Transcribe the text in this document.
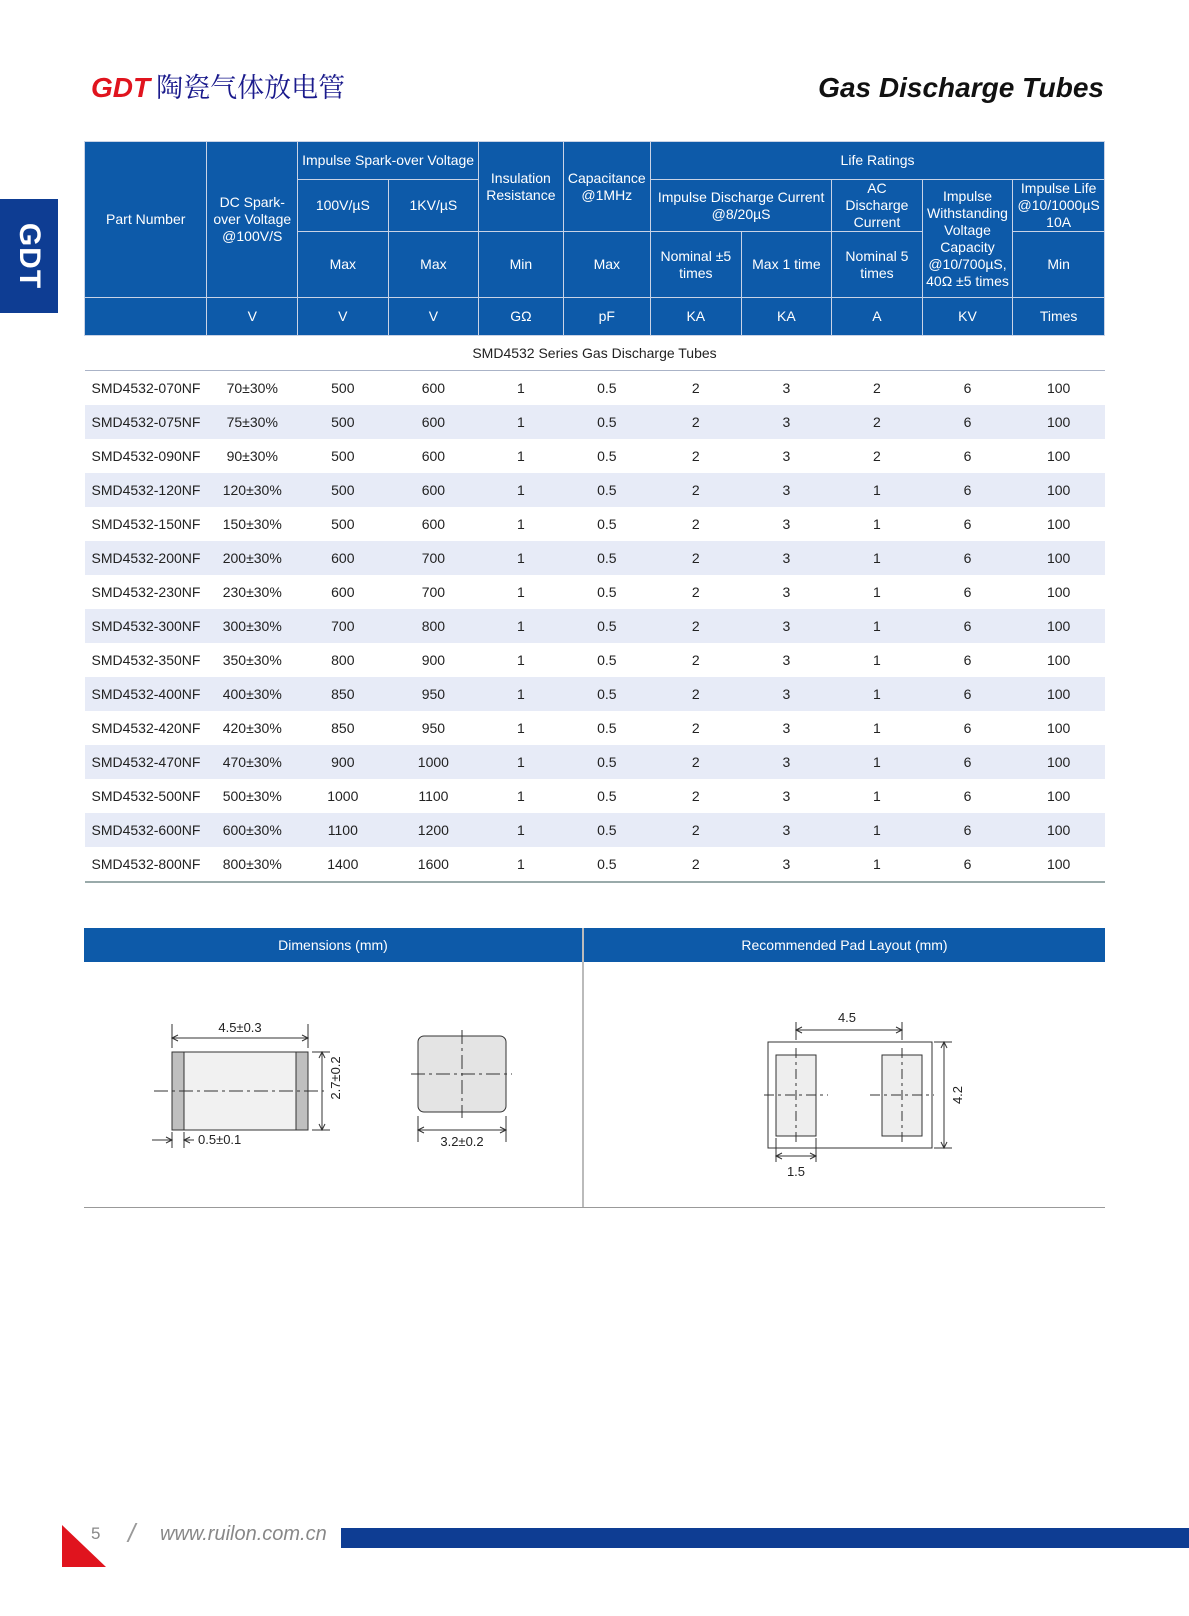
GDT 陶瓷气体放电管	Gas Discharge Tubes
GDT
Part Number	DC Spark-over Voltage @100V/S	Impulse Spark-over Voltage		Insulation Resistance	Capacitance @1MHz	Life Ratings				
		100V/µS	1KV/µS			Impulse Discharge Current @8/20µS		AC Discharge Current	Impulse Withstanding Voltage Capacity @10/700µS, 40Ω ±5 times	Impulse Life @10/1000µS 10A
		Max	Max	Min	Max	Nominal ±5 times	Max 1 time	Nominal 5 times		Min
	V	V	V	GΩ	pF	KA	KA	A	KV	Times
SMD4532 Series Gas Discharge Tubes										
SMD4532-070NF	70±30%	500	600	1	0.5	2	3	2	6	100
SMD4532-075NF	75±30%	500	600	1	0.5	2	3	2	6	100
SMD4532-090NF	90±30%	500	600	1	0.5	2	3	2	6	100
SMD4532-120NF	120±30%	500	600	1	0.5	2	3	1	6	100
SMD4532-150NF	150±30%	500	600	1	0.5	2	3	1	6	100
SMD4532-200NF	200±30%	600	700	1	0.5	2	3	1	6	100
SMD4532-230NF	230±30%	600	700	1	0.5	2	3	1	6	100
SMD4532-300NF	300±30%	700	800	1	0.5	2	3	1	6	100
SMD4532-350NF	350±30%	800	900	1	0.5	2	3	1	6	100
SMD4532-400NF	400±30%	850	950	1	0.5	2	3	1	6	100
SMD4532-420NF	420±30%	850	950	1	0.5	2	3	1	6	100
SMD4532-470NF	470±30%	900	1000	1	0.5	2	3	1	6	100
SMD4532-500NF	500±30%	1000	1100	1	0.5	2	3	1	6	100
SMD4532-600NF	600±30%	1100	1200	1	0.5	2	3	1	6	100
SMD4532-800NF	800±30%	1400	1600	1	0.5	2	3	1	6	100
Dimensions (mm)	Recommended Pad Layout (mm)
4.5±0.3
2.7±0.2
0.5±0.1	3.2±0.2
4.5
4.2
1.5
5 / www.ruilon.com.cn
